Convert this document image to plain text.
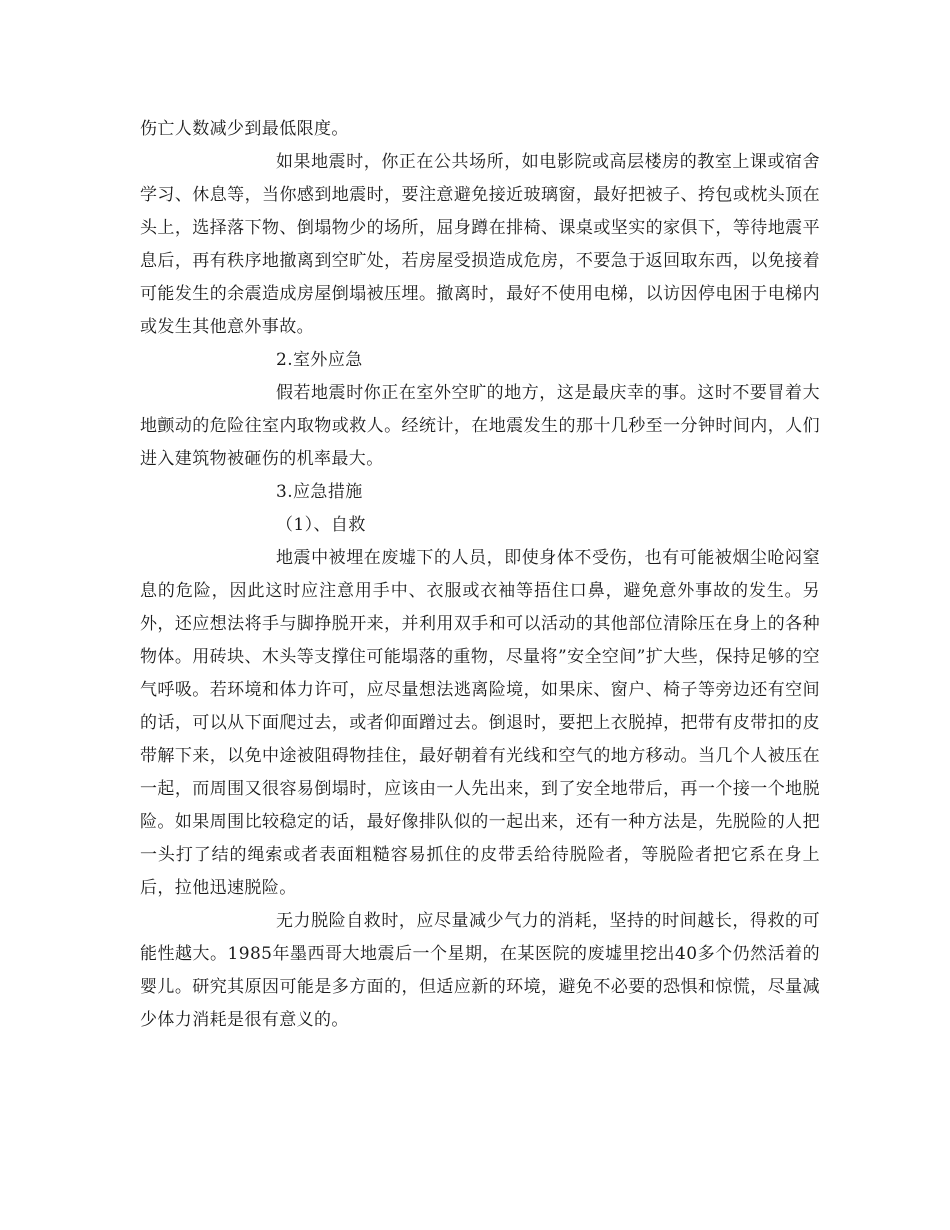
伤亡人数减少到最低限度。

如果地震时，你正在公共场所，如电影院或高层楼房的教室上课或宿舍学习、休息等，当你感到地震时，要注意避免接近玻璃窗，最好把被子、挎包或枕头顶在头上，选择落下物、倒塌物少的场所，屈身蹲在排椅、课桌或坚实的家俱下，等待地震平息后，再有秩序地撤离到空旷处，若房屋受损造成危房，不要急于返回取东西，以免接着可能发生的余震造成房屋倒塌被压埋。撤离时，最好不使用电梯，以访因停电困于电梯内或发生其他意外事故。

2.室外应急

假若地震时你正在室外空旷的地方，这是最庆幸的事。这时不要冒着大地颤动的危险往室内取物或救人。经统计，在地震发生的那十几秒至一分钟时间内，人们进入建筑物被砸伤的机率最大。

3.应急措施

（1）、自救

地震中被埋在废墟下的人员，即使身体不受伤，也有可能被烟尘呛闷窒息的危险，因此这时应注意用手中、衣服或衣袖等捂住口鼻，避免意外事故的发生。另外，还应想法将手与脚挣脱开来，并利用双手和可以活动的其他部位清除压在身上的各种物体。用砖块、木头等支撑住可能塌落的重物，尽量将”安全空间”扩大些，保持足够的空气呼吸。若环境和体力许可，应尽量想法逃离险境，如果床、窗户、椅子等旁边还有空间的话，可以从下面爬过去，或者仰面蹭过去。倒退时，要把上衣脱掉，把带有皮带扣的皮带解下来，以免中途被阻碍物挂住，最好朝着有光线和空气的地方移动。当几个人被压在一起，而周围又很容易倒塌时，应该由一人先出来，到了安全地带后，再一个接一个地脱险。如果周围比较稳定的话，最好像排队似的一起出来，还有一种方法是，先脱险的人把一头打了结的绳索或者表面粗糙容易抓住的皮带丢给待脱险者，等脱险者把它系在身上后，拉他迅速脱险。

无力脱险自救时，应尽量减少气力的消耗，坚持的时间越长，得救的可能性越大。1985年墨西哥大地震后一个星期，在某医院的废墟里挖出40多个仍然活着的婴儿。研究其原因可能是多方面的，但适应新的环境，避免不必要的恐惧和惊慌，尽量减少体力消耗是很有意义的。
